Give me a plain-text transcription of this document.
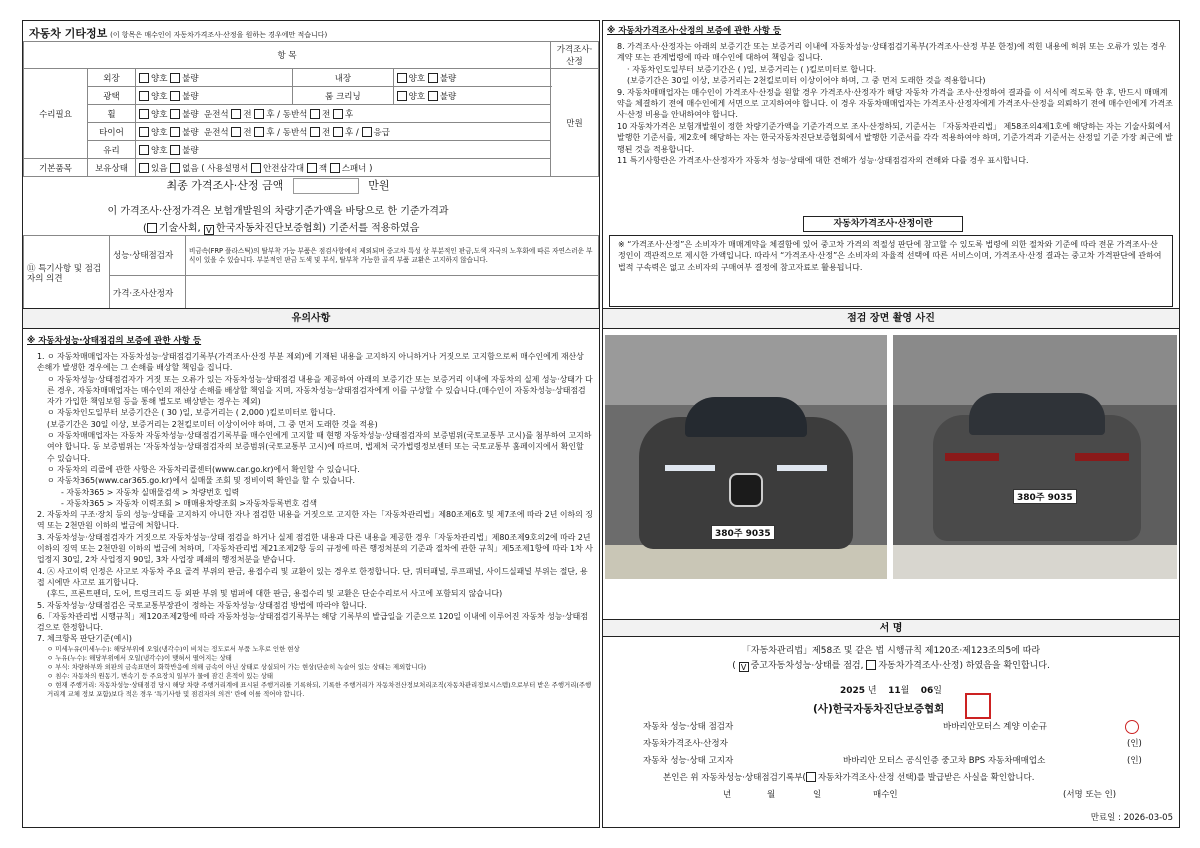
자동차 기타정보 (이 항목은 매수인이 자동차가격조사·산정을 원하는 경우에만 적습니다)
항 목					가격조사·산정
수리필요	외장	양호 불량	내장	양호 불량	만원
	광택	양호 불량	룸 크리닝	양호 불량	
	휠	양호 불량 운전석 전 후 / 동반석 전 후			
	타이어	양호 불량 운전석 전 후 / 동반석 전 후 / 응급			
	유리	양호 불량			
기본품목	보유상태	있음 없음 ( 사용설명서 안전삼각대 잭 스패너 )			
최종 가격조사·산정 금액	만원
이 가격조사·산정가격은 보험개발원의 차량기준가액을 바탕으로 한 기준가격과
( 기술사회, V 한국자동차진단보증협회) 기준서를 적용하였음
⑪ 특기사항 및 점검자의 의견	성능·상태점검자	비금속(FRP 플라스틱)의 탈부착 가능 부품은 점검사항에서 제외되며 중고차 특성 상 부분적인 판금,도색 자국의 노후화에 따른 자연스러운 부식이 있을 수 있습니다. 부분적인 판금 도색 및 부식, 탈부착 가능한 골격 부품 교환은 고지하지 않습니다.
	가격·조사산정자	
※ 자동차가격조사·산정의 보증에 관한 사항 등

8. 가격조사·산정자는 아래의 보증기간 또는 보증거리 이내에 자동차성능·상태점검기록부(가격조사·산정 부분 한정)에 적힌 내용에 허위 또는 오류가 있는 경우 계약 또는 관계법령에 따라 매수인에 대하여 책임을 집니다.

· 자동차인도일부터 보증기간은 ( )일, 보증거리는 ( )킬로미터로 합니다.

(보증기간은 30일 이상, 보증거리는 2천킬로미터 이상이어야 하며, 그 중 먼저 도래한 것을 적용합니다)

9. 자동차매매업자는 매수인이 가격조사·산정을 원할 경우 가격조사·산정자가 해당 자동차 가격을 조사·산정하여 결과를 이 서식에 적도록 한 후, 반드시 매매계약을 체결하기 전에 매수인에게 서면으로 고지하여야 합니다. 이 경우 자동차매매업자는 가격조사·산정자에게 가격조사·산정을 의뢰하기 전에 매수인에게 가격조사·산정 비용을 안내하여야 합니다.

10 자동차가격은 보험개발원이 정한 차량기준가액을 기준가격으로 조사·산정하되, 기준서는 「자동차관리법」 제58조의4제1호에 해당하는 자는 기술사회에서 발행한 기준서를, 제2호에 해당하는 자는 한국자동차진단보증협회에서 발행한 기준서를 각각 적용하여야 하며, 기준가격과 기준서는 산정일 기준 가장 최근에 발행된 것을 적용합니다.

11 특기사항란은 가격조사·산정자가 자동차 성능·상태에 대한 견해가 성능·상태점검자의 견해와 다를 경우 표시합니다.

자동차가격조사·산정이란
※ “가격조사·산정”은 소비자가 매매계약을 체결함에 있어 중고차 가격의 적절성 판단에 참고할 수 있도록 법령에 의한 절차와 기준에 따라 전문 가격조사·산정인이 객관적으로 제시한 가액입니다. 따라서 “가격조사·산정”은 소비자의 자율적 선택에 따른 서비스이며, 가격조사·산정 결과는 중고차 가격판단에 관하여 법적 구속력은 없고 소비자의 구매여부 결정에 참고자료로 활용됩니다.
유의사항
※ 자동차성능·상태점검의 보증에 관한 사항 등

1. ㅇ 자동차매매업자는 자동차성능·상태점검기록부(가격조사·산정 부분 제외)에 기재된 내용을 고지하지 아니하거나 거짓으로 고지함으로써 매수인에게 재산상 손해가 발생한 경우에는 그 손해를 배상할 책임을 집니다.

ㅇ 자동차성능·상태점검자가 거짓 또는 오류가 있는 자동차성능·상태점검 내용을 제공하여 아래의 보증기간 또는 보증거리 이내에 자동차의 실제 성능·상태가 다른 경우, 자동차매매업자는 매수인의 재산상 손해를 배상할 책임을 지며, 자동차성능·상태점검자에게 이를 구상할 수 있습니다.(매수인이 자동차성능·상태점검자가 가입한 책임보험 등을 통해 별도로 배상받는 경우는 제외)

ㅇ 자동차인도일부터 보증기간은 ( 30 )일, 보증거리는 ( 2,000 )킬로미터로 합니다.

(보증기간은 30일 이상, 보증거리는 2천킬로미터 이상이어야 하며, 그 중 먼저 도래한 것을 적용)

ㅇ 자동차매매업자는 자동차 자동차성능·상태점검기록부를 매수인에게 고지할 때 현행 자동차성능·상태점검자의 보증범위(국토교통부 고시)를 첨부하여 고지하여야 합니다. 동 보증범위는 ‘자동차성능·상태점검자의 보증범위(국토교통부 고시)에 따르며, 법제처 국가법령정보센터 또는 국토교통부 홈페이지에서 확인할 수 있습니다.

ㅇ 자동차의 리콜에 관한 사항은 자동차리콜센터(www.car.go.kr)에서 확인할 수 있습니다.

ㅇ 자동차365(www.car365.go.kr)에서 실매물 조회 및 정비이력 확인을 할 수 있습니다.

- 자동차365 > 자동차 실매물검색 > 차량번호 입력

- 자동차365 > 자동차 이력조회 > 매매용차량조회 >자동차등록번호 검색

2. 자동차의 구조·장치 등의 성능·상태를 고지하지 아니한 자나 점검한 내용을 거짓으로 고지한 자는「자동차관리법」제80조제6호 및 제7조에 따라 2년 이하의 징역 또는 2천만원 이하의 벌금에 처합니다.

3. 자동차성능·상태점검자가 거짓으로 자동차성능·상태 점검을 하거나 실제 점검한 내용과 다른 내용을 제공한 경우「자동차관리법」제80조제9호의2에 따라 2년 이하의 징역 또는 2천만원 이하의 벌금에 처하며,「자동차관리법 제21조제2항 등의 규정에 따른 행정처분의 기준과 절차에 관한 규칙」제5조제1항에 따라 1차 사업정지 30일, 2차 사업정지 90일, 3차 사업장 폐쇄의 행정처분을 받습니다.

4. ㉦ 사고이력 인정은 사고로 자동차 주요 골격 부위의 판금, 용접수리 및 교환이 있는 경우로 한정합니다. 단, 쿼터패널, 루프패널, 사이드실패널 부위는 절단, 용접 시에만 사고로 표기합니다.

(후드, 프론트펜더, 도어, 트렁크리드 등 외판 부위 및 범퍼에 대한 판금, 용접수리 및 교환은 단순수리로서 사고에 포함되지 않습니다)

5. 자동차성능·상태점검은 국토교통부장관이 정하는 자동차성능·상태점검 방법에 따라야 합니다.

6.「자동차관리법 시행규칙」제120조제2항에 따라 자동차성능·상태점검기록부는 해당 기록부의 발급일을 기준으로 120일 이내에 이루어진 자동차 성능·상태점검으로 한정합니다.

7. 체크항목 판단기준(예시)

ㅇ 미세누유(미세누수): 해당부위에 오일(냉각수)이 비치는 정도로서 부품 노후로 인한 현상

ㅇ 누유(누수): 해당부위에서 오일(냉각수)이 맺혀서 떨어지는 상태

ㅇ 부식: 차량하부와 외판의 금속표면이 화학반응에 의해 금속이 아닌 상태로 상실되어 가는 현상(단순히 녹슬어 있는 상태는 제외합니다)

ㅇ 침수: 자동차의 원동기, 변속기 등 주요장치 일부가 물에 잠긴 흔적이 있는 상태

ㅇ 현재 주행거리: 자동차성능·상태점검 당시 해당 차량 주행거리계에 표시된 주행거리를 기록하되, 기록한 주행거리가 자동차전산정보처리조직(자동차관리정보시스템)으로부터 받은 주행거리(주행거리계 교체 정보 포함)보다 적은 경우 ‘특기사항 및 점검자의 의견’ 란에 이를 적어야 합니다.

점검 장면 촬영 사진
380주 9035
380주 9035
서 명
「자동차관리법」제58조 및 같은 법 시행규칙 제120조·제123조의5에 따라
( V 중고자동차성능·상태를 점검, 자동차가격조사·산정) 하였음을 확인합니다.
2025 년 11월 06일
(사)한국자동차진단보증협회
자동차 성능·상태 점검자	바바리안모터스 계양 이순규
자동차가격조사·산정자	(인)
자동차 성능·상태 고지자	바바리안 모터스 공식인증 중고차 BPS 자동차매매업소	(인)
본인은 위 자동차성능·상태점검기록부( 자동차가격조사·산정 선택)를 발급받은 사실을 확인합니다.
년	월	일	매수인	(서명 또는 인)
만료일 : 2026-03-05
